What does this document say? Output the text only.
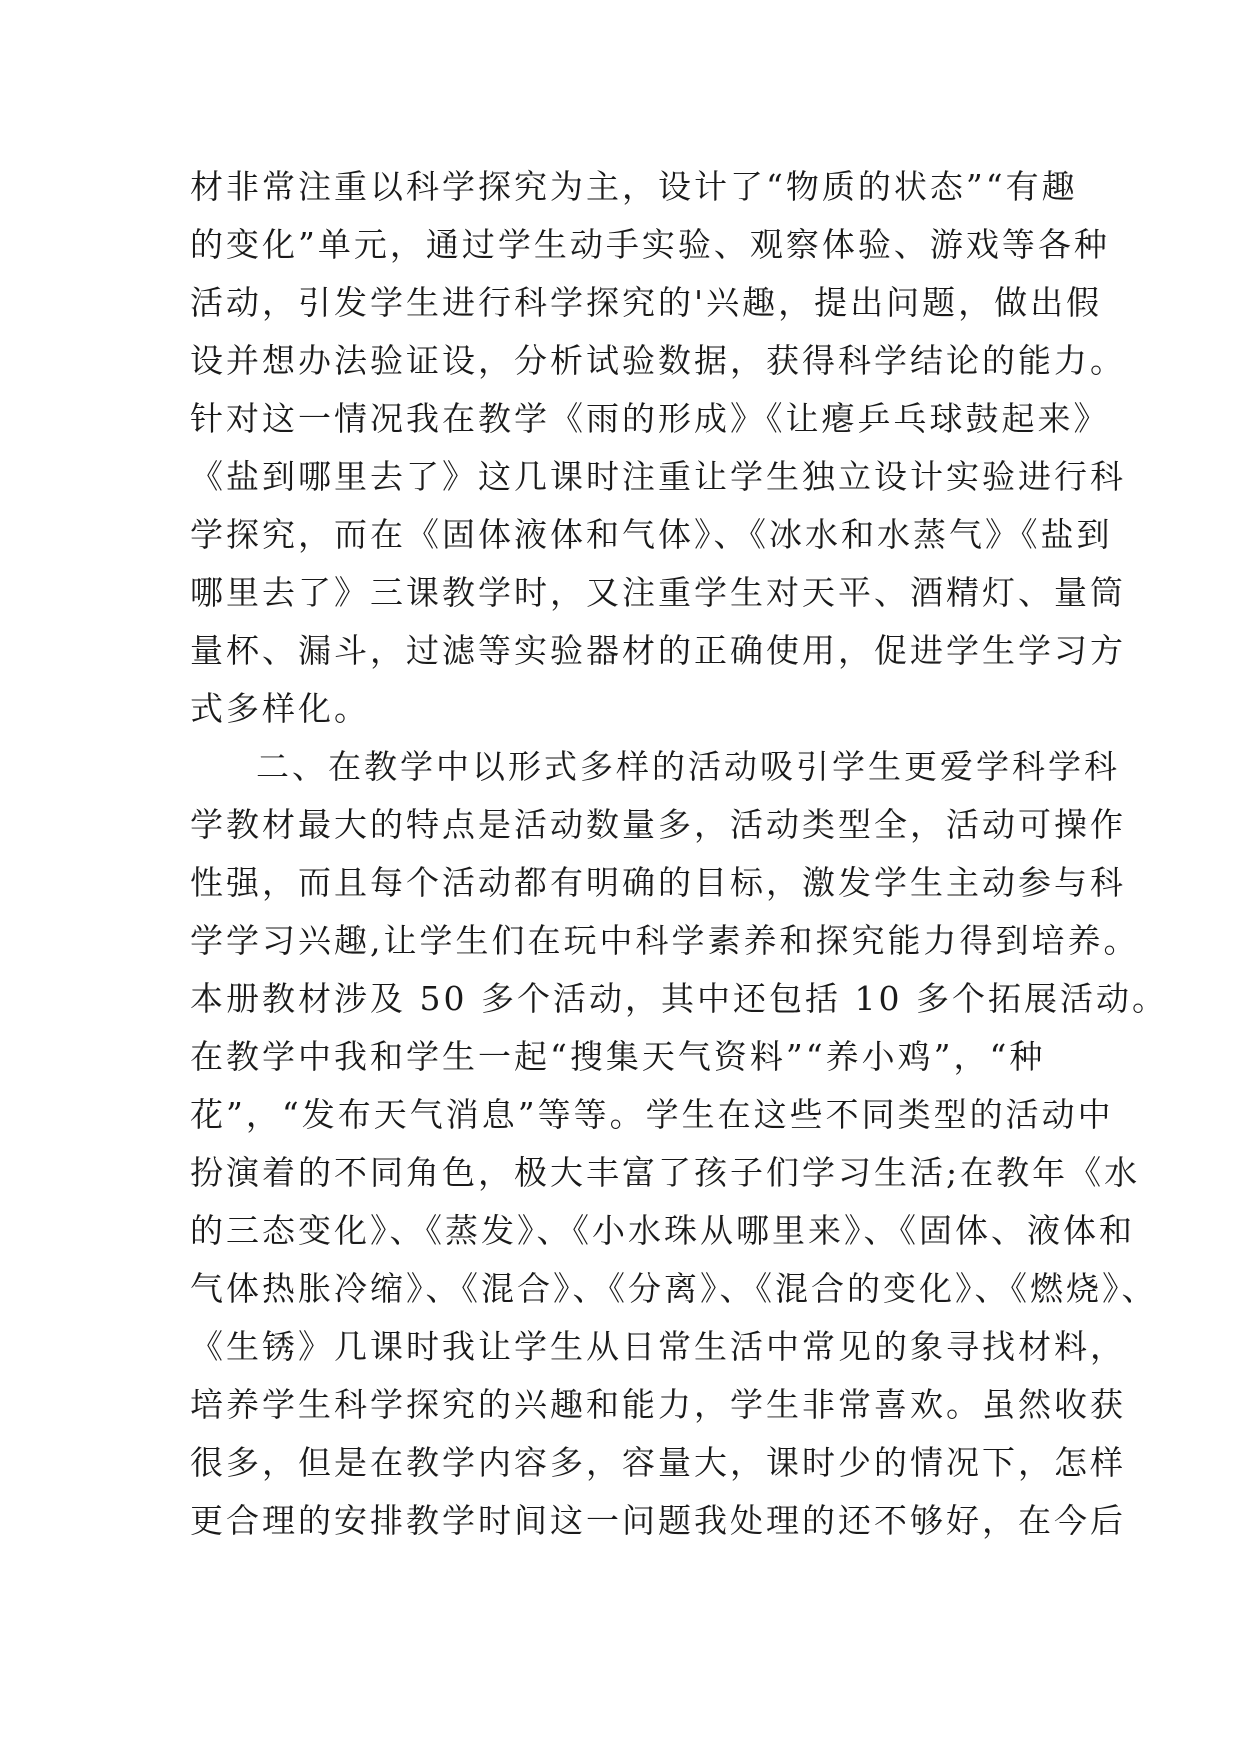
材非常注重以科学探究为主，设计了“物质的状态”“有趣
的变化”单元，通过学生动手实验、观察体验、游戏等各种
活动，引发学生进行科学探究的'兴趣，提出问题，做出假
设并想办法验证设，分析试验数据，获得科学结论的能力。
针对这一情况我在教学《雨的形成》《让瘪乒乓球鼓起来》
《盐到哪里去了》这几课时注重让学生独立设计实验进行科
学探究，而在《固体液体和气体》、《冰水和水蒸气》《盐到
哪里去了》三课教学时，又注重学生对天平、酒精灯、量筒
量杯、漏斗，过滤等实验器材的正确使用，促进学生学习方
式多样化。
二、在教学中以形式多样的活动吸引学生更爱学科学科
学教材最大的特点是活动数量多，活动类型全，活动可操作
性强，而且每个活动都有明确的目标，激发学生主动参与科
学学习兴趣,让学生们在玩中科学素养和探究能力得到培养。
本册教材涉及 50 多个活动，其中还包括 10 多个拓展活动。
在教学中我和学生一起“搜集天气资料”“养小鸡”，“种
花”，“发布天气消息”等等。学生在这些不同类型的活动中
扮演着的不同角色，极大丰富了孩子们学习生活;在教年《水
的三态变化》、《蒸发》、《小水珠从哪里来》、《固体、液体和
气体热胀冷缩》、《混合》、《分离》、《混合的变化》、《燃烧》、
《生锈》几课时我让学生从日常生活中常见的象寻找材料，
培养学生科学探究的兴趣和能力，学生非常喜欢。虽然收获
很多，但是在教学内容多，容量大，课时少的情况下，怎样
更合理的安排教学时间这一问题我处理的还不够好，在今后
